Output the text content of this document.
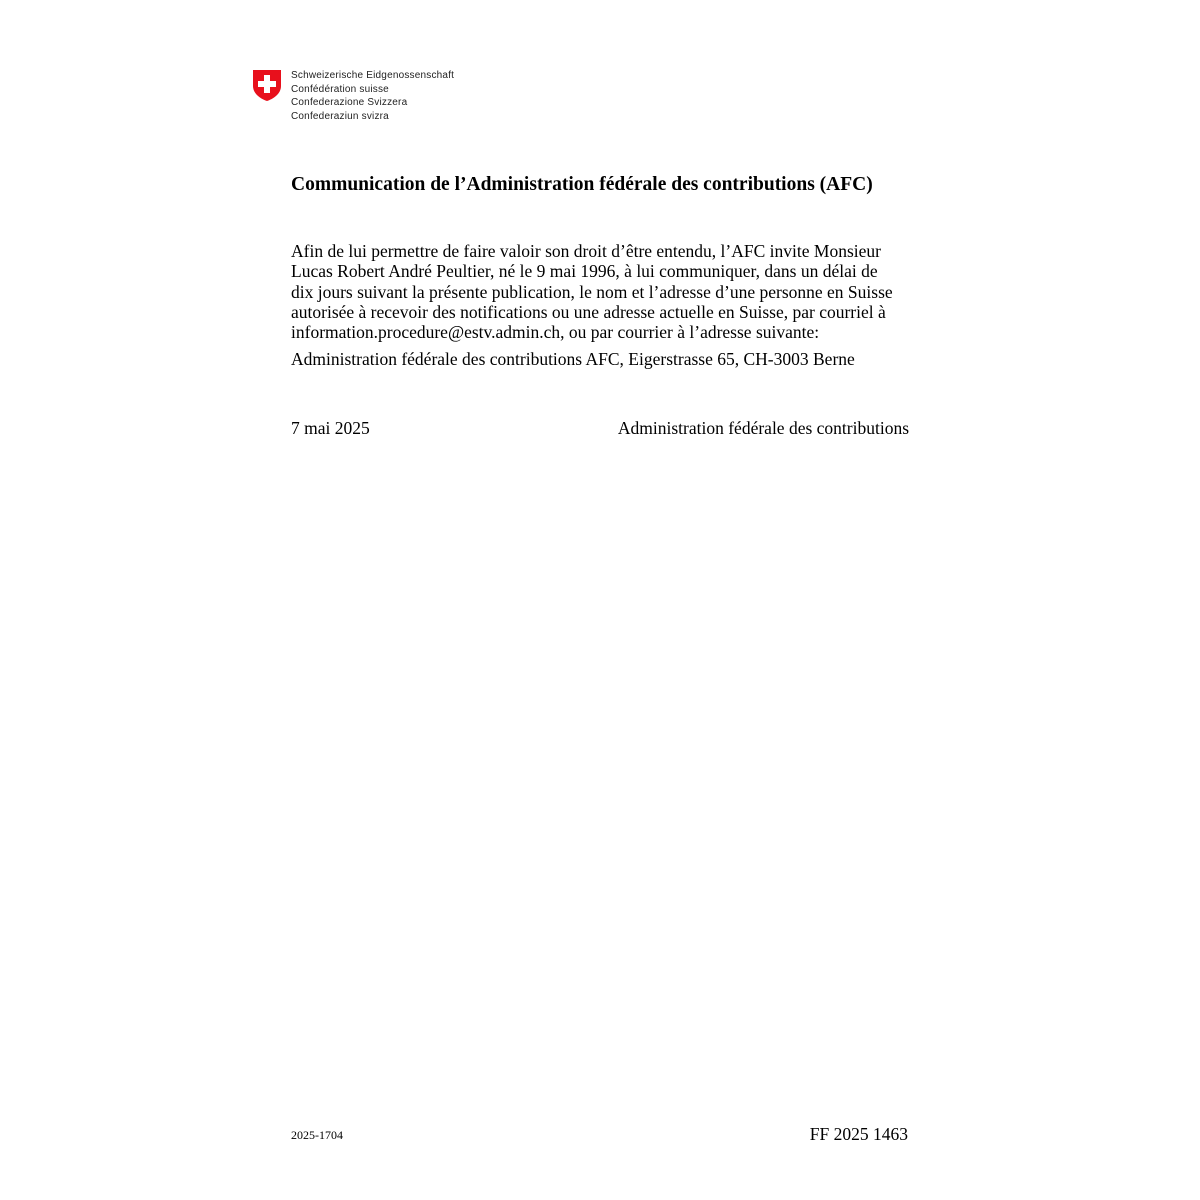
Schweizerische Eidgenossenschaft
Confédération suisse
Confederazione Svizzera
Confederaziun svizra
Communication de l’Administration fédérale des contributions (AFC)
Afin de lui permettre de faire valoir son droit d’être entendu, l’AFC invite Monsieur
Lucas Robert André Peultier, né le 9 mai 1996, à lui communiquer, dans un délai de
dix jours suivant la présente publication, le nom et l’adresse d’une personne en Suisse
autorisée à recevoir des notifications ou une adresse actuelle en Suisse, par courriel à
information.procedure@estv.admin.ch, ou par courrier à l’adresse suivante:
Administration fédérale des contributions AFC, Eigerstrasse 65, CH-3003 Berne
7 mai 2025	Administration fédérale des contributions
2025-1704	FF 2025 1463
